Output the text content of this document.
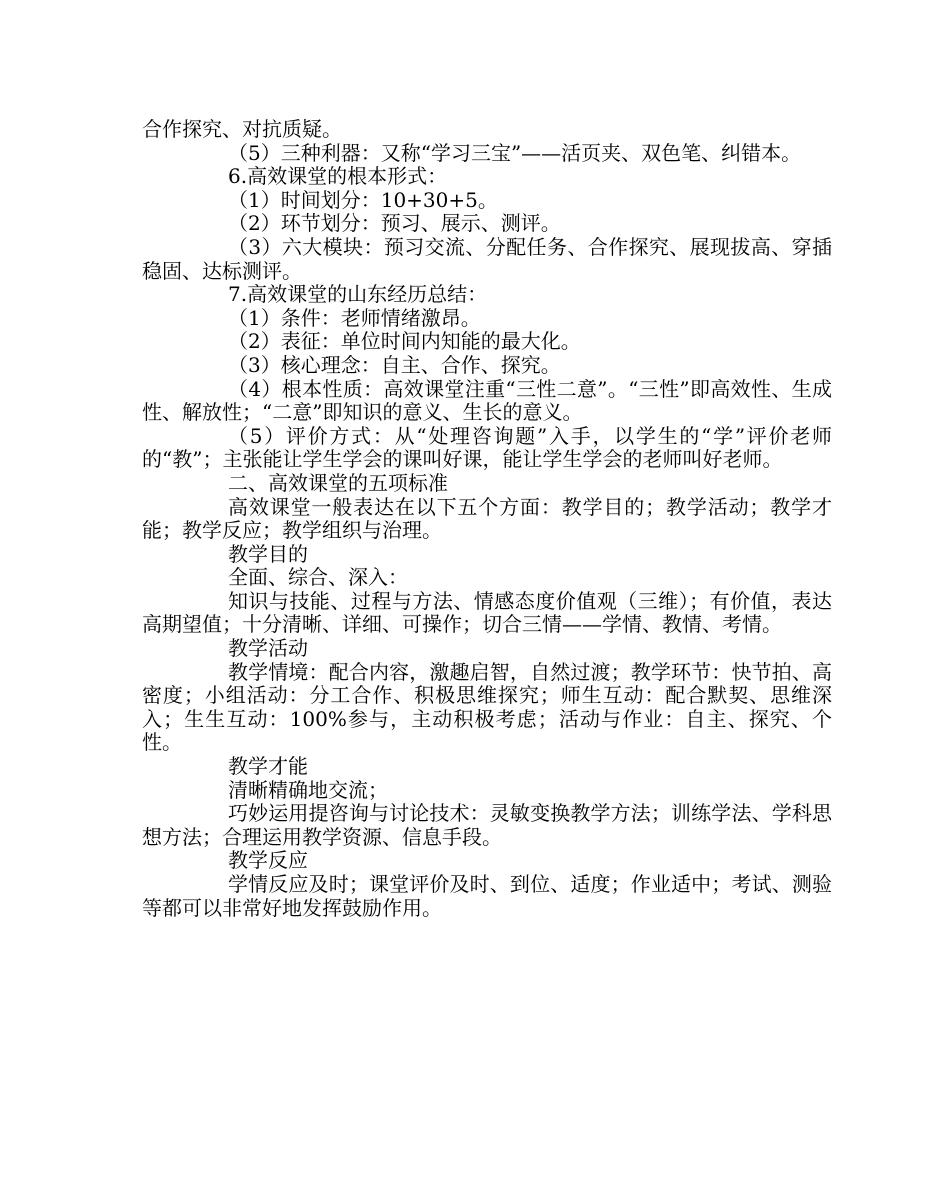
合作探究、对抗质疑。

（5）三种利器：又称“学习三宝”——活页夹、双色笔、纠错本。

6.高效课堂的根本形式：

（1）时间划分：10+30+5。

（2）环节划分：预习、展示、测评。

（3）六大模块：预习交流、分配任务、合作探究、展现拔高、穿插稳固、达标测评。

7.高效课堂的山东经历总结：

（1）条件：老师情绪激昂。

（2）表征：单位时间内知能的最大化。

（3）核心理念：自主、合作、探究。

（4）根本性质：高效课堂注重“三性二意”。“三性”即高效性、生成性、解放性；“二意”即知识的意义、生长的意义。

（5）评价方式：从“处理咨询题”入手，以学生的“学”评价老师的“教”；主张能让学生学会的课叫好课，能让学生学会的老师叫好老师。

二、高效课堂的五项标准

高效课堂一般表达在以下五个方面：教学目的；教学活动；教学才能；教学反应；教学组织与治理。

教学目的

全面、综合、深入：

知识与技能、过程与方法、情感态度价值观（三维）；有价值，表达高期望值；十分清晰、详细、可操作；切合三情——学情、教情、考情。

教学活动

教学情境：配合内容，激趣启智，自然过渡；教学环节：快节拍、高密度；小组活动：分工合作、积极思维探究；师生互动：配合默契、思维深入；生生互动：100%参与，主动积极考虑；活动与作业：自主、探究、个性。

教学才能

清晰精确地交流；

巧妙运用提咨询与讨论技术：灵敏变换教学方法；训练学法、学科思想方法；合理运用教学资源、信息手段。

教学反应

学情反应及时；课堂评价及时、到位、适度；作业适中；考试、测验等都可以非常好地发挥鼓励作用。
